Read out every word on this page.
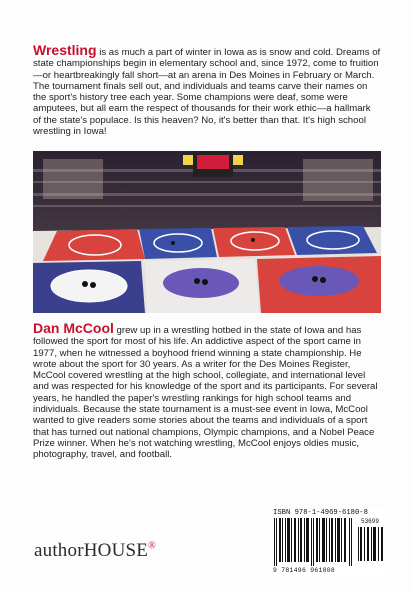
Wrestling is as much a part of winter in Iowa as is snow and cold. Dreams of state championships begin in elementary school and, since 1972, come to fruition—or heartbreakingly fall short—at an arena in Des Moines in February or March. The tournament finals sell out, and individuals and teams carve their names on the sport's history tree each year. Some champions were deaf, some were amputees, but all earn the respect of thousands for their work ethic—a hallmark of the state's populace. Is this heaven? No, it's better than that. It's high school wrestling in Iowa!

Dan McCool grew up in a wrestling hotbed in the state of Iowa and has followed the sport for most of his life. An addictive aspect of the sport came in 1977, when he witnessed a boyhood friend winning a state championship. He wrote about the sport for 30 years. As a writer for the Des Moines Register, McCool covered wrestling at the high school, collegiate, and international level and was respected for his knowledge of the sport and its participants. For several years, he handled the paper's wrestling rankings for high school teams and individuals. Because the state tournament is a must-see event in Iowa, McCool wanted to give readers some stories about the teams and individuals of a sport that has turned out national champions, Olympic champions, and a Nobel Peace Prize winner. When he's not watching wrestling, McCool enjoys oldies music, photography, travel, and football.

ISBN 978-1-4969-6180-8
53699
9 781496 961808
authorHOUSE®
